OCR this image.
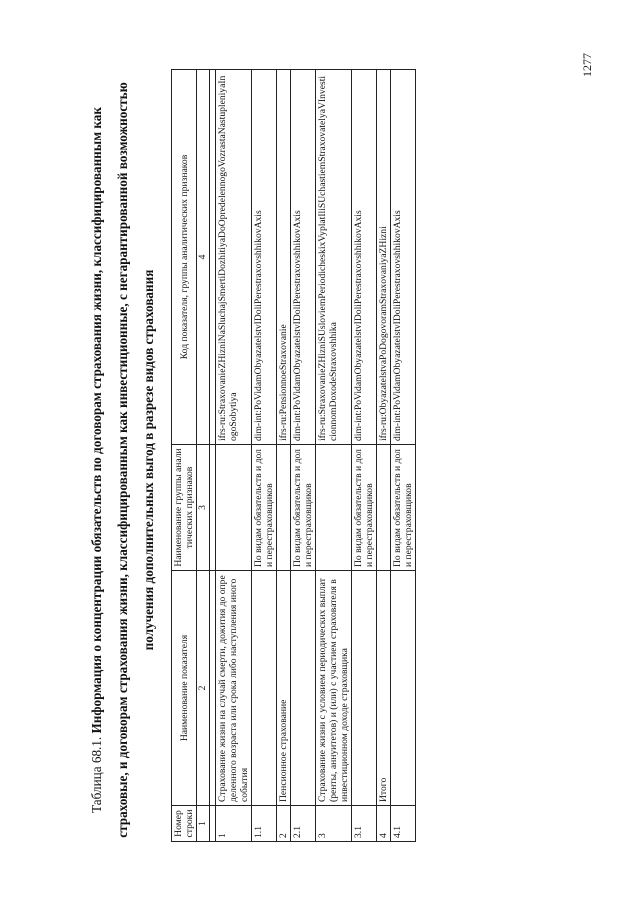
1277
Таблица 68.1. Информация о концентрации обязательств по договорам страхования жизни, классифицированным как страховые, и договорам страхования жизни, классифицированным как инвестиционные, с негарантированной возможностью получения дополнительных выгод в разрезе видов страхования
Номер строки	Наименование показателя	Наименование группы аналитических признаков	Код показателя, группы аналитических признаков
1	2	3	4

1	Страхование жизни на случай смерти, дожития до определенного возраста или срока либо наступления иного события		ifrs-ru:StraxovanieZHizniNaSluchajSmertiDozhitiyaDoOpredelennogoVozrastaNastupleniyaInogoSobytiya
1.1		По видам обязательств и доли перестраховщиков	dim-int:PoVidamObyazatelstvIDoliPerestraxovshhikovAxis
2	Пенсионное страхование		ifrs-ru:PensionnoeStraxovanie
2.1		По видам обязательств и доли перестраховщиков	dim-int:PoVidamObyazatelstvIDoliPerestraxovshhikovAxis
3	Страхование жизни с условием периодических выплат (ренты, аннуитетов) и (или) с участием страхователя в инвестиционном доходе страховщика		ifrs-ru:StraxovanieZHizniSUsloviemPeriodicheskixVyplatIliSUchastiemStraxovatelyaVInvesticionnomDoxodeStraxovshhika
3.1		По видам обязательств и доли перестраховщиков	dim-int:PoVidamObyazatelstvIDoliPerestraxovshhikovAxis
4	Итого		ifrs-ru:ObyazatelstvaPoDogovoramStraxovaniyaZHizni
4.1		По видам обязательств и доли перестраховщиков	dim-int:PoVidamObyazatelstvIDoliPerestraxovshhikovAxis
